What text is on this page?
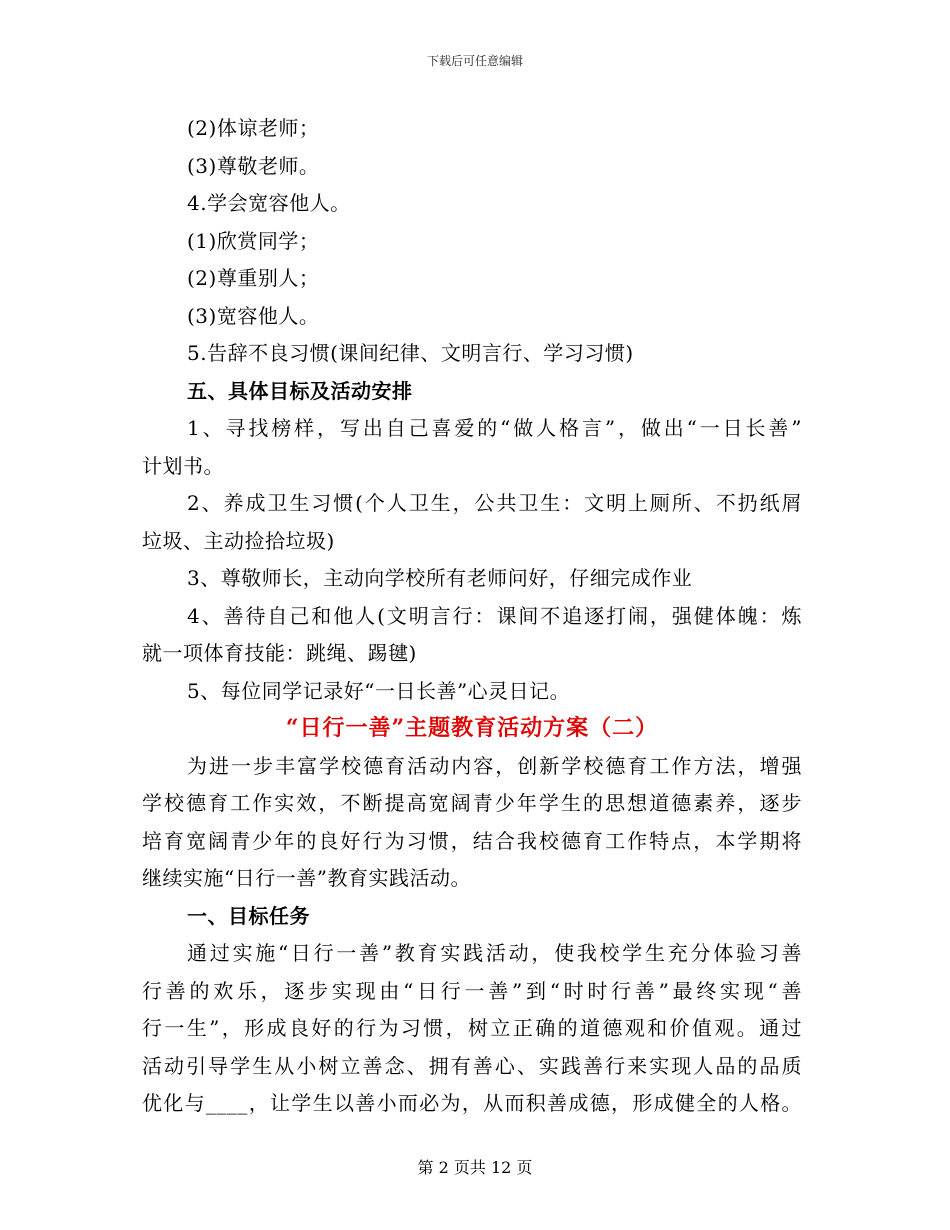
下载后可任意编辑
(2)体谅老师；
(3)尊敬老师。
4.学会宽容他人。
(1)欣赏同学；
(2)尊重别人；
(3)宽容他人。
5.告辞不良习惯(课间纪律、文明言行、学习习惯)
五、具体目标及活动安排
1、寻找榜样，写出自己喜爱的“做人格言”，做出“一日长善”
计划书。
2、养成卫生习惯(个人卫生，公共卫生：文明上厕所、不扔纸屑
垃圾、主动捡拾垃圾)
3、尊敬师长，主动向学校所有老师问好，仔细完成作业
4、善待自己和他人(文明言行：课间不追逐打闹，强健体魄：炼
就一项体育技能：跳绳、踢毽)
5、每位同学记录好“一日长善”心灵日记。
“日行一善”主题教育活动方案（二）
为进一步丰富学校德育活动内容，创新学校德育工作方法，增强
学校德育工作实效，不断提高宽阔青少年学生的思想道德素养，逐步
培育宽阔青少年的良好行为习惯，结合我校德育工作特点，本学期将
继续实施“日行一善”教育实践活动。
一、目标任务
通过实施“日行一善”教育实践活动，使我校学生充分体验习善
行善的欢乐，逐步实现由“日行一善”到“时时行善”最终实现“善
行一生”，形成良好的行为习惯，树立正确的道德观和价值观。通过
活动引导学生从小树立善念、拥有善心、实践善行来实现人品的品质
优化与____，让学生以善小而必为，从而积善成德，形成健全的人格。
第 2 页共 12 页
